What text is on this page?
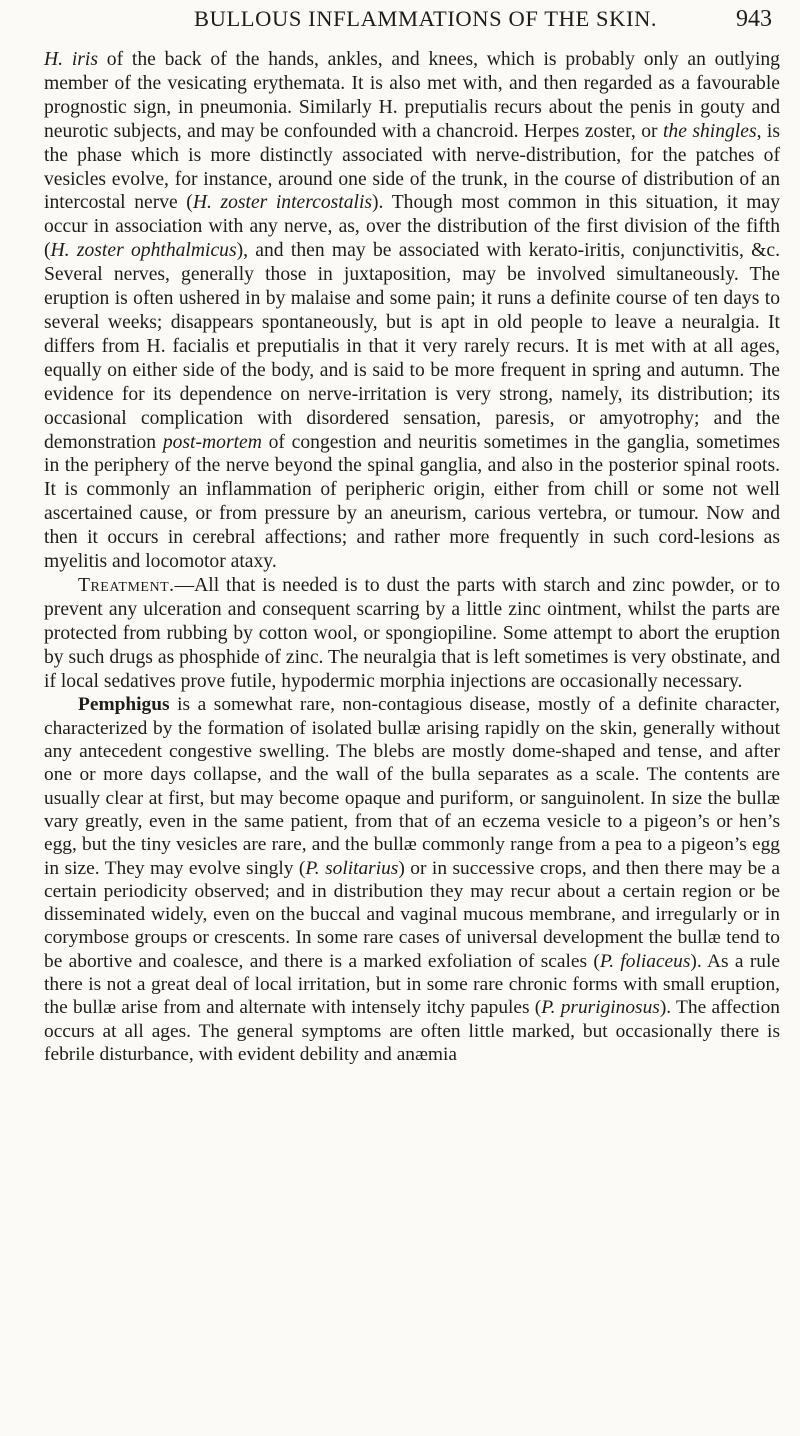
BULLOUS INFLAMMATIONS OF THE SKIN.	943

H. iris of the back of the hands, ankles, and knees, which is probably only an outlying member of the vesicating erythemata. It is also met with, and then regarded as a favourable prognostic sign, in pneumonia. Similarly H. preputialis recurs about the penis in gouty and neurotic subjects, and may be confounded with a chancroid. Herpes zoster, or the shingles, is the phase which is more distinctly associated with nerve-distribution, for the patches of vesicles evolve, for instance, around one side of the trunk, in the course of distribution of an intercostal nerve (H. zoster intercostalis). Though most common in this situation, it may occur in association with any nerve, as, over the distribution of the first division of the fifth (H. zoster ophthalmicus), and then may be associated with kerato-iritis, conjunctivitis, &c. Several nerves, generally those in juxtaposition, may be involved simultaneously. The eruption is often ushered in by malaise and some pain; it runs a definite course of ten days to several weeks; disappears spontaneously, but is apt in old people to leave a neuralgia. It differs from H. facialis et preputialis in that it very rarely recurs. It is met with at all ages, equally on either side of the body, and is said to be more frequent in spring and autumn. The evidence for its dependence on nerve-irritation is very strong, namely, its distribution; its occasional complication with disordered sensation, paresis, or amyotrophy; and the demonstration post-mortem of congestion and neuritis sometimes in the ganglia, sometimes in the periphery of the nerve beyond the spinal ganglia, and also in the posterior spinal roots. It is commonly an inflammation of peripheric origin, either from chill or some not well ascertained cause, or from pressure by an aneurism, carious vertebra, or tumour. Now and then it occurs in cerebral affections; and rather more frequently in such cord-lesions as myelitis and locomotor ataxy.

Treatment.—All that is needed is to dust the parts with starch and zinc powder, or to prevent any ulceration and consequent scarring by a little zinc ointment, whilst the parts are protected from rubbing by cotton wool, or spongiopiline. Some attempt to abort the eruption by such drugs as phosphide of zinc. The neuralgia that is left sometimes is very obstinate, and if local sedatives prove futile, hypodermic morphia injections are occasionally necessary.

Pemphigus is a somewhat rare, non-contagious disease, mostly of a definite character, characterized by the formation of isolated bullæ arising rapidly on the skin, generally without any antecedent congestive swelling. The blebs are mostly dome-shaped and tense, and after one or more days collapse, and the wall of the bulla separates as a scale. The contents are usually clear at first, but may become opaque and puriform, or sanguinolent. In size the bullæ vary greatly, even in the same patient, from that of an eczema vesicle to a pigeon’s or hen’s egg, but the tiny vesicles are rare, and the bullæ commonly range from a pea to a pigeon’s egg in size. They may evolve singly (P. solitarius) or in successive crops, and then there may be a certain periodicity observed; and in distribution they may recur about a certain region or be disseminated widely, even on the buccal and vaginal mucous membrane, and irregularly or in corymbose groups or crescents. In some rare cases of universal development the bullæ tend to be abortive and coalesce, and there is a marked exfoliation of scales (P. foliaceus). As a rule there is not a great deal of local irritation, but in some rare chronic forms with small eruption, the bullæ arise from and alternate with intensely itchy papules (P. pruriginosus). The affection occurs at all ages. The general symptoms are often little marked, but occasionally there is febrile disturbance, with evident debility and anæmia
